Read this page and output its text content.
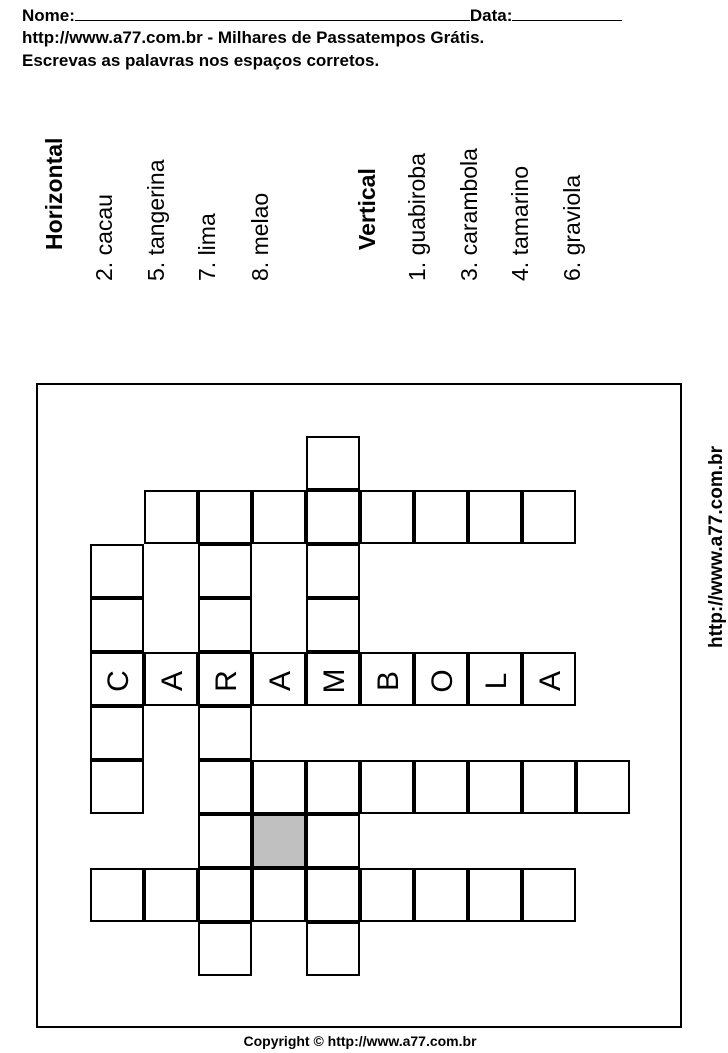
Nome:	Data:
http://www.a77.com.br - Milhares de Passatempos Grátis.
Escrevas as palavras nos espaços corretos.
Horizontal 2. cacau 5. tangerina 7. lima 8. melao	Vertical 1. guabiroba 3. carambola 4. tamarino 6. graviola
C A R A M B O L A
http://www.a77.com.br
Copyright © http://www.a77.com.br
